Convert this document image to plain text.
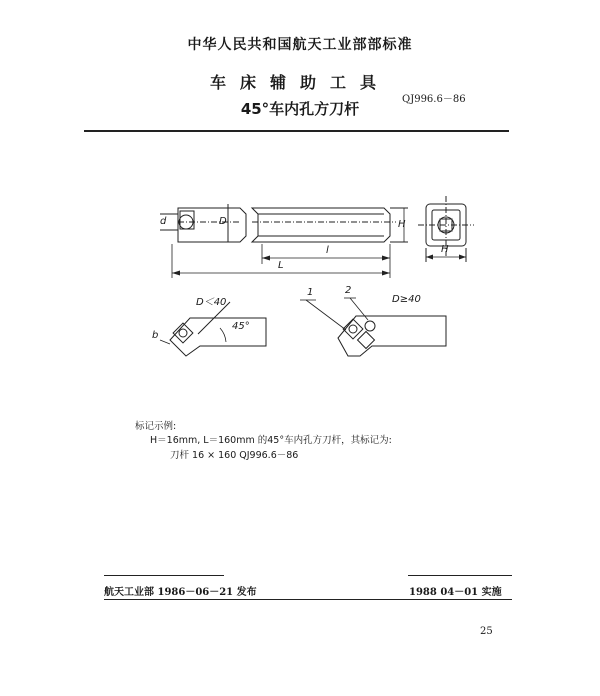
中华人民共和国航天工业部部标准
车床辅助工具
45°车内孔方刀杆
QJ996.6－86
D
d	H
l
L
H
D＜40	D≥40
45°
b
1	2
标记示例:
H＝16mm, L＝160mm 的45°车内孔方刀杆，其标记为:
刀杆 16 × 160 QJ996.6－86
航天工业部 1986－06－21 发布	1988 04－01 实施
25
